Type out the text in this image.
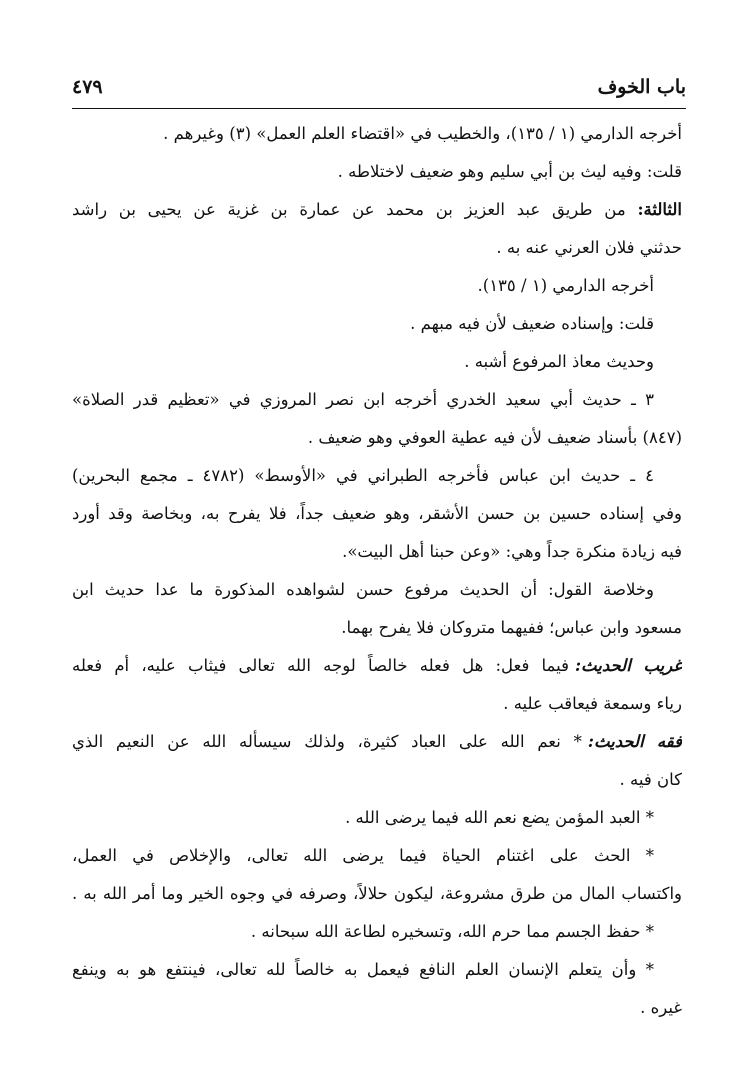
باب الخوف
٤٧٩
أخرجه الدارمي (١ / ١٣٥)، والخطيب في «اقتضاء العلم العمل» (٣) وغيرهم .
قلت: وفيه ليث بن أبي سليم وهو ضعيف لاختلاطه .
الثالثة: من طريق عبد العزيز بن محمد عن عمارة بن غزية عن يحيى بن راشد
حدثني فلان العرني عنه به .
أخرجه الدارمي (١ / ١٣٥).
قلت: وإسناده ضعيف لأن فيه مبهم .
وحديث معاذ المرفوع أشبه .
٣ ـ حديث أبي سعيد الخدري أخرجه ابن نصر المروزي في «تعظيم قدر الصلاة»
(٨٤٧) بأسناد ضعيف لأن فيه عطية العوفي وهو ضعيف .
٤ ـ حديث ابن عباس فأخرجه الطبراني في «الأوسط» (٤٧٨٢ ـ مجمع البحرين)
وفي إسناده حسين بن حسن الأشقر، وهو ضعيف جداً، فلا يفرح به، وبخاصة وقد أورد
فيه زيادة منكرة جداً وهي: «وعن حبنا أهل البيت».
وخلاصة القول: أن الحديث مرفوع حسن لشواهده المذكورة ما عدا حديث ابن
مسعود وابن عباس؛ ففيهما متروكان فلا يفرح بهما.
غريب الحديث:فيما فعل: هل فعله خالصاً لوجه الله تعالى فيثاب عليه، أم فعله
رياء وسمعة فيعاقب عليه .
فقه الحديث:* نعم الله على العباد كثيرة، ولذلك سيسأله الله عن النعيم الذي
كان فيه .
* العبد المؤمن يضع نعم الله فيما يرضى الله .
* الحث على اغتنام الحياة فيما يرضى الله تعالى، والإخلاص في العمل،
واكتساب المال من طرق مشروعة، ليكون حلالاً، وصرفه في وجوه الخير وما أمر الله به .
* حفظ الجسم مما حرم الله، وتسخيره لطاعة الله سبحانه .
* وأن يتعلم الإنسان العلم النافع فيعمل به خالصاً لله تعالى، فينتفع هو به وينفع
غيره .
